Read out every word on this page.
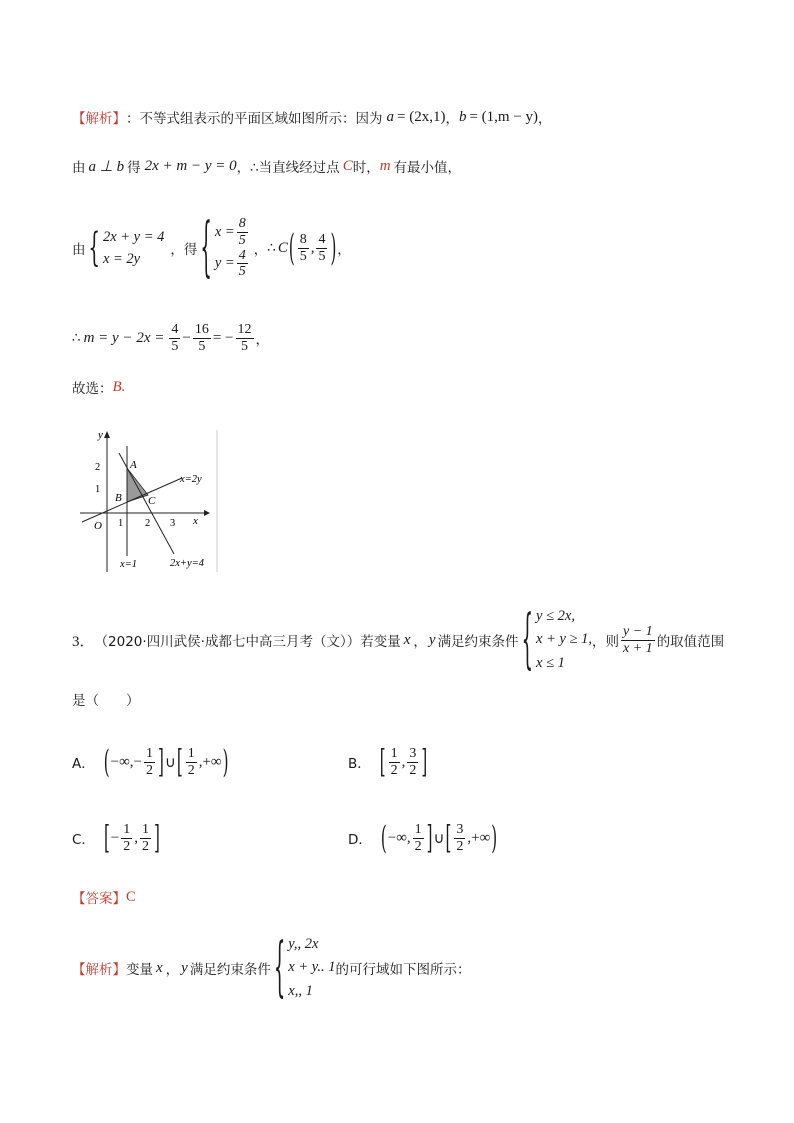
【解析】 ：不等式组表示的平面区域如图所示：因为 a = (2x,1) ， b = (1,m − y) ，
由 a ⊥ b 得 2x + m − y = 0 ，∴当直线经过点 C 时， m 有最小值，
由 { 2x + y = 4
x = 2y
，得 { $x = \frac{8}{5}$
$y = \frac{4}{5}$ ， ∴ C ( $\frac{8}{5}$ , $\frac{4}{5}$ ) ，
∴ $m = y - 2x = \frac{4}{5} - \frac{16}{5}$ = − $\frac{12}{5}$ ，
故选： B.
y
x
O
2
1
1 2 3
A
B C
x=2y
x=1	2x+y=4
3． （2020·四川武侯·成都七中高三月考（文））若变量 x ， y 满足约束条件 { y ≤ 2x,
x + y ≥ 1,
x ≤ 1
，则 $\frac{y - 1}{x + 1}$ 的取值范围
是（　　）
A． ( −∞,− $\frac{1}{2}$ ] ∪ [ $\frac{1}{2}$ ,+∞ )	B． [ $\frac{1}{2}$ , $\frac{3}{2}$ ]
C． [ − $\frac{1}{2}$ , $\frac{1}{2}$ ]	D． ( −∞, $\frac{1}{2}$ ] ∪ [ $\frac{3}{2}$ ,+∞ )
【答案】 C
【解析】 变量 x ， y 满足约束条件 { y,, 2x
x + y.. 1
x,, 1
的可行域如下图所示：
